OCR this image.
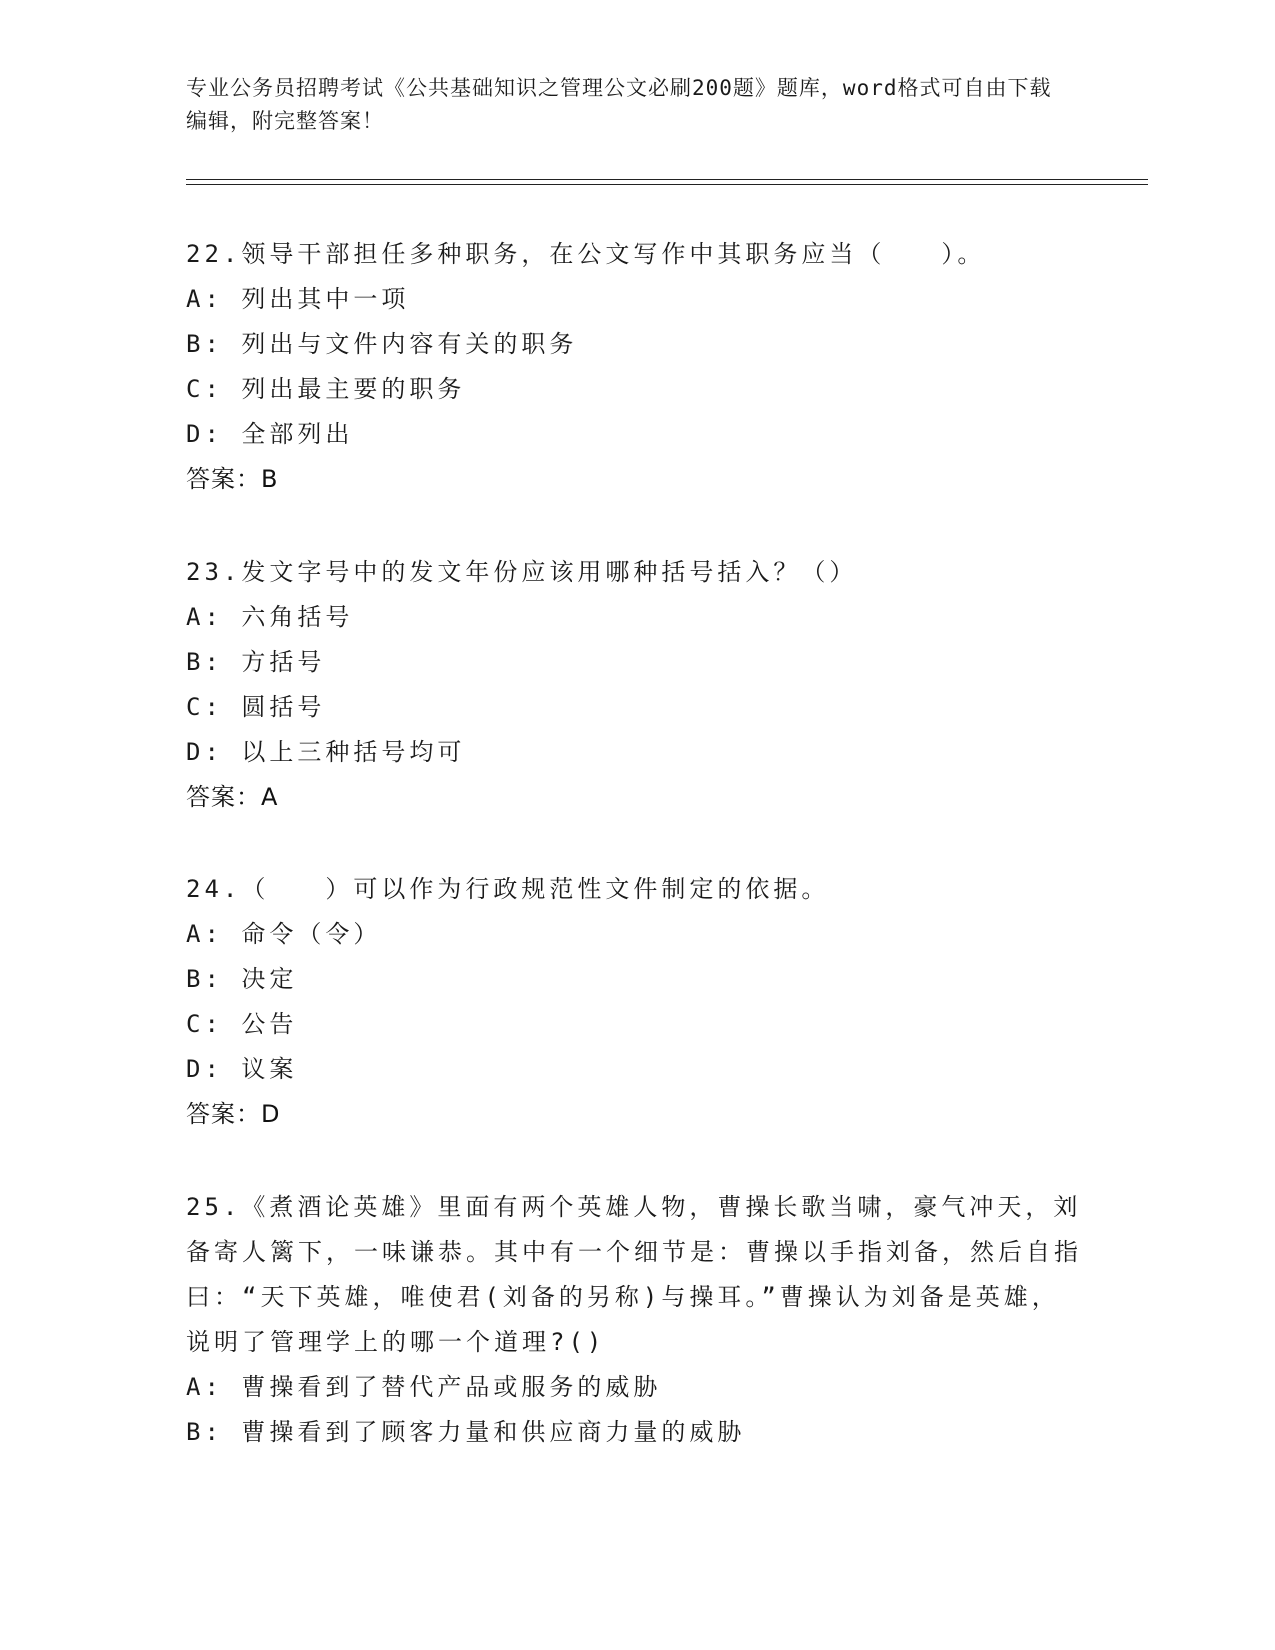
专业公务员招聘考试《公共基础知识之管理公文必刷200题》题库，word格式可自由下载编辑，附完整答案！

22.领导干部担任多种职务，在公文写作中其职务应当（　　）。

A: 列出其中一项

B: 列出与文件内容有关的职务

C: 列出最主要的职务

D: 全部列出

答案：B

23.发文字号中的发文年份应该用哪种括号括入？（）

A: 六角括号

B: 方括号

C: 圆括号

D: 以上三种括号均可

答案：A

24.（　　）可以作为行政规范性文件制定的依据。

A: 命令（令）

B: 决定

C: 公告

D: 议案

答案：D

25.《煮酒论英雄》里面有两个英雄人物，曹操长歌当啸，豪气冲天，刘备寄人篱下，一味谦恭。其中有一个细节是：曹操以手指刘备，然后自指曰：“天下英雄，唯使君(刘备的另称)与操耳。”曹操认为刘备是英雄，说明了管理学上的哪一个道理?()

A: 曹操看到了替代产品或服务的威胁

B: 曹操看到了顾客力量和供应商力量的威胁
